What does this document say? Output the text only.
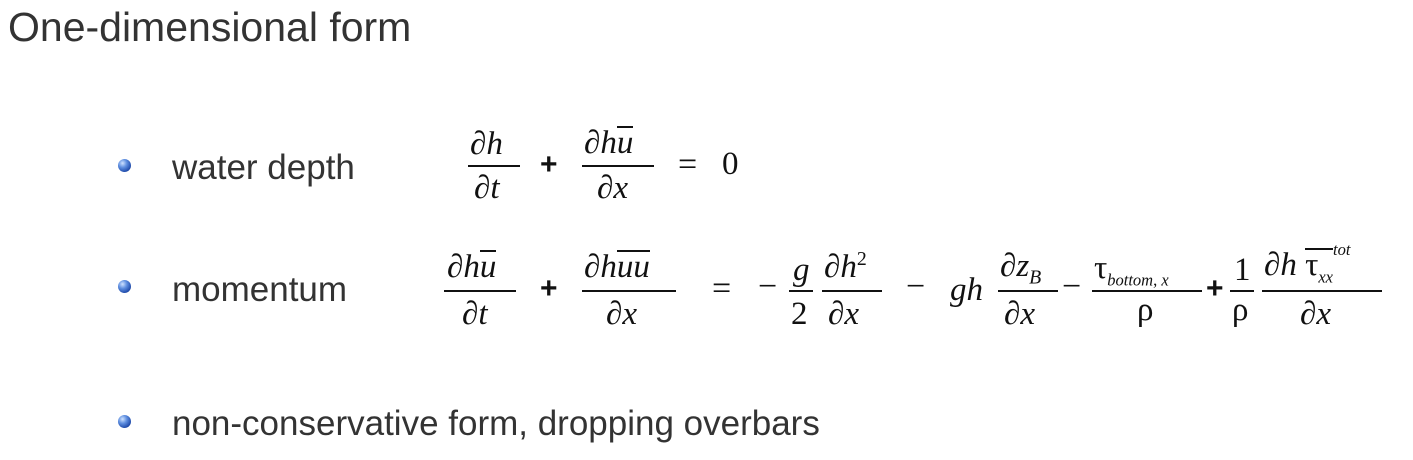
One-dimensional form
water depth
∂h
∂t
+
∂hu
∂x
= 0
momentum
∂hu
∂t
+
∂huu
∂x
= − g
2
$\partial h^2$
∂x
− gh
$\partial z_B$
∂x
− $\tau_{bottom, x}$
ρ
+
1
ρ
∂h $\tau_{xx}^{tot}$
∂x
non-conservative form, dropping overbars
